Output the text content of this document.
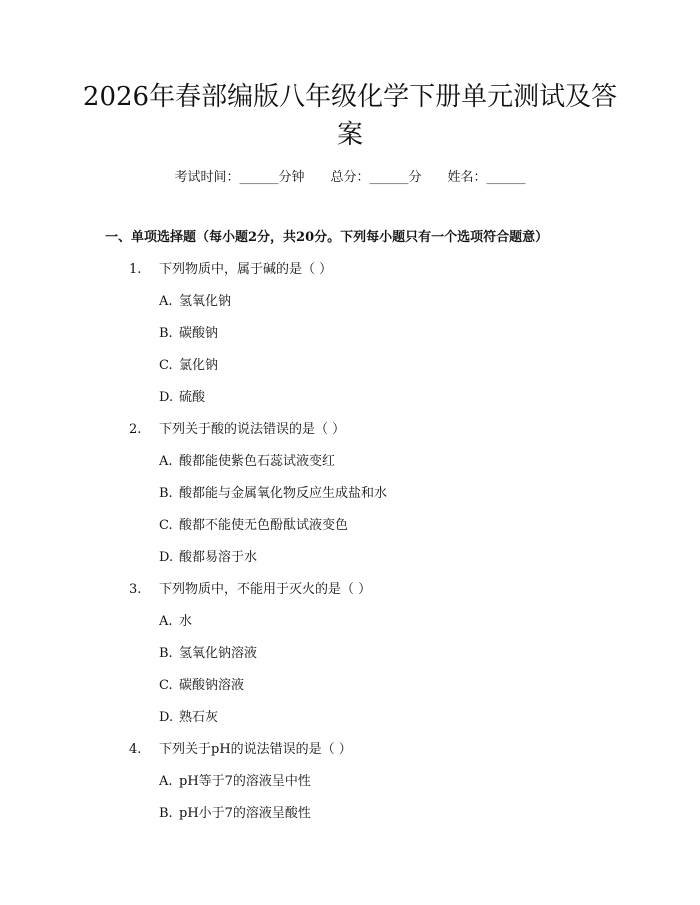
2026年春部编版八年级化学下册单元测试及答案
考试时间：______分钟 总分：______分 姓名：______
一、单项选择题（每小题2分，共20分。下列每小题只有一个选项符合题意）
1. 下列物质中，属于碱的是（ ）
A. 氢氧化钠
B. 碳酸钠
C. 氯化钠
D. 硫酸
2. 下列关于酸的说法错误的是（ ）
A. 酸都能使紫色石蕊试液变红
B. 酸都能与金属氧化物反应生成盐和水
C. 酸都不能使无色酚酞试液变色
D. 酸都易溶于水
3. 下列物质中，不能用于灭火的是（ ）
A. 水
B. 氢氧化钠溶液
C. 碳酸钠溶液
D. 熟石灰
4. 下列关于pH的说法错误的是（ ）
A. pH等于7的溶液呈中性
B. pH小于7的溶液呈酸性
